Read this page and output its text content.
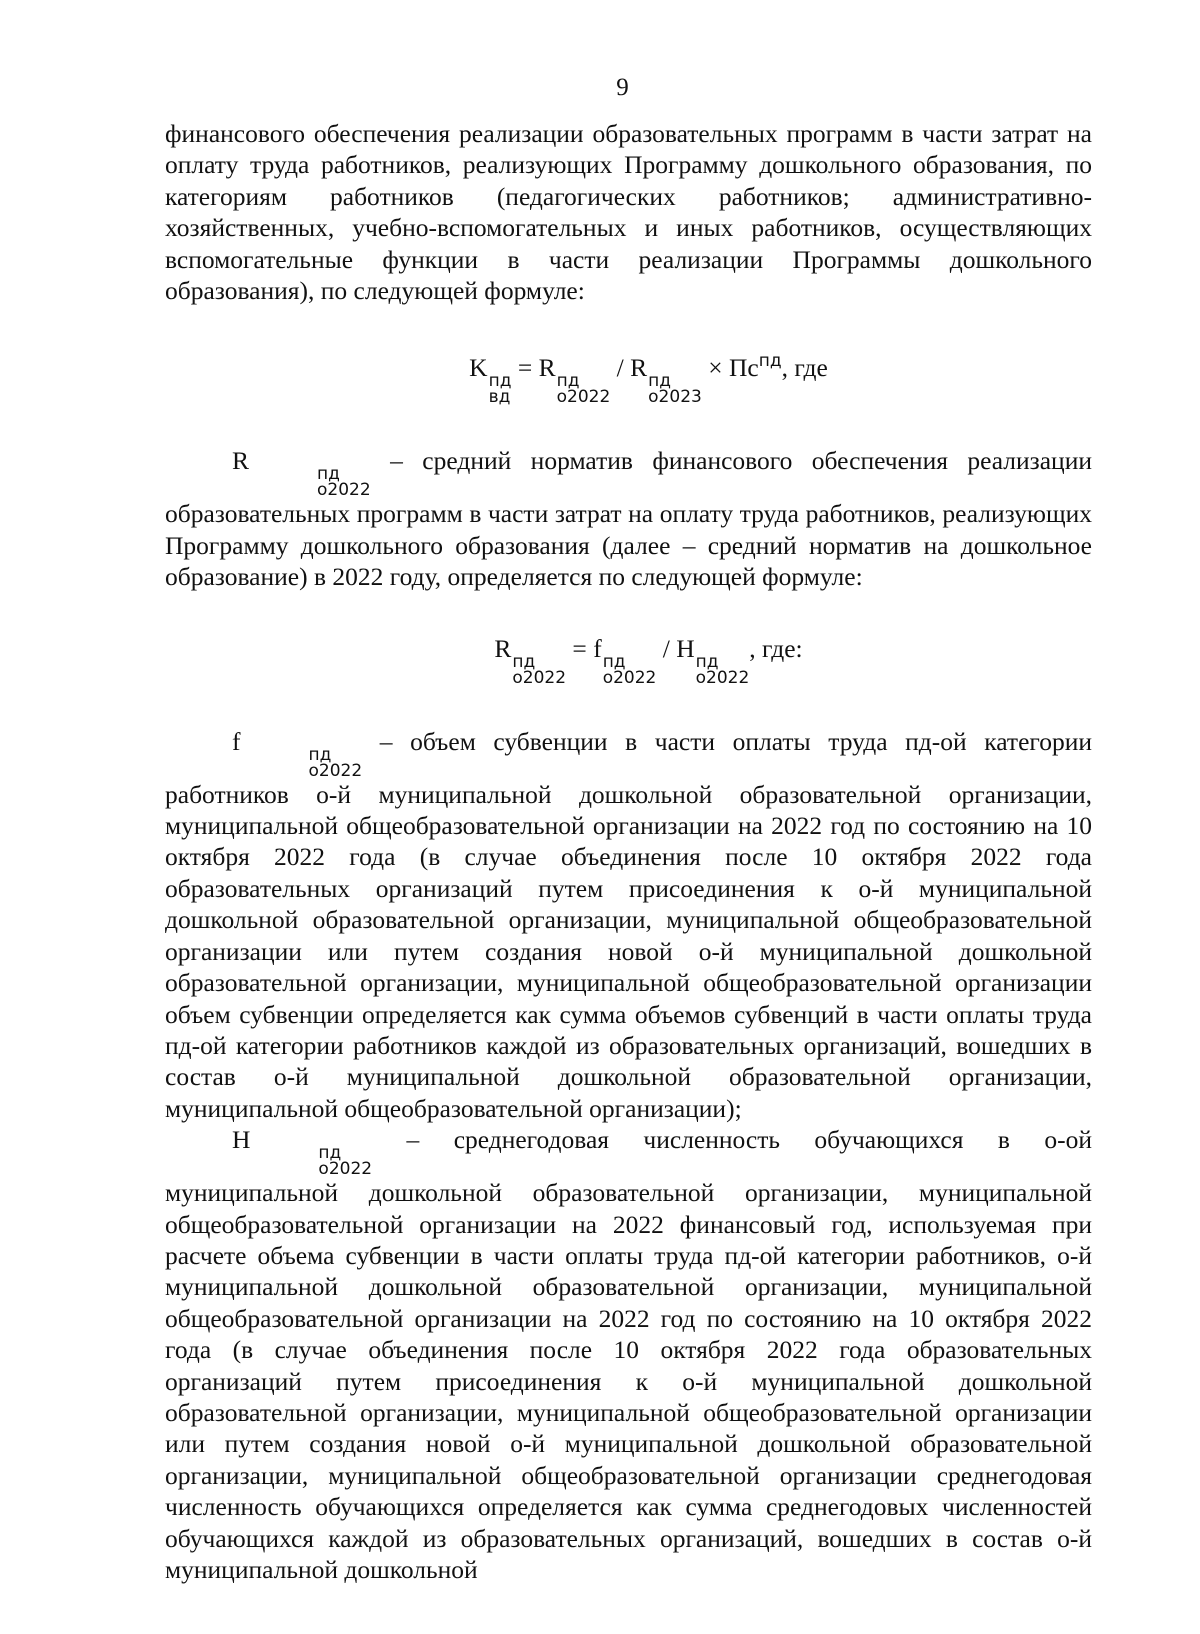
9

финансового обеспечения реализации образовательных программ в части затрат на оплату труда работников, реализующих Программу дошкольного образования, по категориям работников (педагогических работников; административно-хозяйственных, учебно-вспомогательных и иных работников, осуществляющих вспомогательные функции в части реализации Программы дошкольного образования), по следующей формуле:

K пд
вд
= R пд
о2022
/ R пд
о2023
× $Пс^{пд}$, где

R	пд
о2022
– средний норматив финансового обеспечения реализации образовательных программ в части затрат на оплату труда работников, реализующих Программу дошкольного образования (далее – средний норматив на дошкольное образование) в 2022 году, определяется по следующей формуле:

R пд
о2022
= f пд
о2022
/ H пд
о2022
, где:

f	пд
о2022
– объем субвенции в части оплаты труда пд-ой категории работников о-й муниципальной дошкольной образовательной организации, муниципальной общеобразовательной организации на 2022 год по состоянию на 10 октября 2022 года (в случае объединения после 10 октября 2022 года образовательных организаций путем присоединения к о-й муниципальной дошкольной образовательной организации, муниципальной общеобразовательной организации или путем создания новой о-й муниципальной дошкольной образовательной организации, муниципальной общеобразовательной организации объем субвенции определяется как сумма объемов субвенций в части оплаты труда пд-ой категории работников каждой из образовательных организаций, вошедших в состав о-й муниципальной дошкольной образовательной организации, муниципальной общеобразовательной организации);

H	пд
о2022
– среднегодовая численность обучающихся в о-ой муниципальной дошкольной образовательной организации, муниципальной общеобразовательной организации на 2022 финансовый год, используемая при расчете объема субвенции в части оплаты труда пд-ой категории работников, о-й муниципальной дошкольной образовательной организации, муниципальной общеобразовательной организации на 2022 год по состоянию на 10 октября 2022 года (в случае объединения после 10 октября 2022 года образовательных организаций путем присоединения к о-й муниципальной дошкольной образовательной организации, муниципальной общеобразовательной организации или путем создания новой о-й муниципальной дошкольной образовательной организации, муниципальной общеобразовательной организации среднегодовая численность обучающихся определяется как сумма среднегодовых численностей обучающихся каждой из образовательных организаций, вошедших в состав о-й муниципальной дошкольной
